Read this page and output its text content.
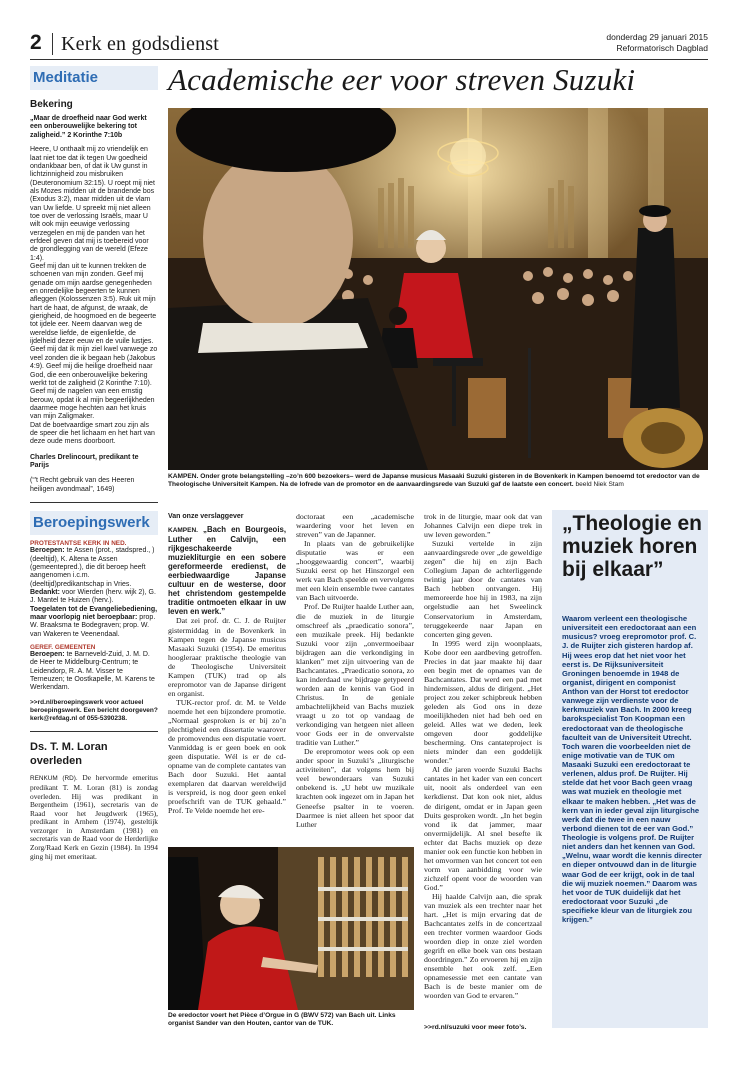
2 Kerk en godsdienst	donderdag 29 januari 2015
Reformatorisch Dagblad
Meditatie
Bekering
„Maar de droefheid naar God werkt een onberouwelijke bekering tot zaligheid.” 2 Korinthe 7:10b

Heere, U onthaalt mij zo vriendelijk en laat niet toe dat ik tegen Uw goedheid ondankbaar ben, of dat ik Uw gunst in lichtzinnigheid zou misbruiken (Deuteronomium 32:15). U roept mij niet als Mozes midden uit de brandende bos (Exodus 3:2), maar midden uit de vlam van Uw liefde. U spreekt mij niet alleen toe over de verlossing Israëls, maar U wilt ook mijn eeuwige verlossing verzegelen en mij de panden van het erfdeel geven dat mij is toebereid voor de grondlegging van de wereld (Efeze 1:4).

Geef mij dan uit te kunnen trekken de schoenen van mijn zonden. Geef mij genade om mijn aardse genegenheden en onredelijke begeerten te kunnen afleggen (Kolossenzen 3:5). Ruk uit mijn hart de haat, de afgunst, de wraak, de gierigheid, de hoogmoed en de begeerte tot ijdele eer. Neem daarvan weg de wereldse liefde, de eigenliefde, de ijdelheid dezer eeuw en de vuile lustjes.

Geef mij dat ik mijn ziel kwel vanwege zo veel zonden die ik begaan heb (Jakobus 4:9). Geef mij die heilige droefheid naar God, die een onberouwelijke bekering werkt tot de zaligheid (2 Korinthe 7:10). Geef mij de nagelen van een ernstig berouw, opdat ik al mijn begeerlijkheden daarmee moge hechten aan het kruis van mijn Zaligmaker.

Dat de boetvaardige smart zou zijn als de speer die het lichaam en het hart van deze oude mens doorboort.

Charles Drelincourt, predikant te Parijs
(“'t Recht gebruik van des Heeren heiligen avondmaal”, 1649)
Beroepingswerk
PROTESTANTSE KERK IN NED.
Beroepen: te Assen (prot., stadspred., ) (deeltijd), K. Altena te Assen (gemeentepred.), die dit beroep heeft aangenomen i.c.m. (deeltijd)predikantschap in Vries.
Bedankt: voor Wierden (herv. wijk 2), G. J. Mantel te Huizen (herv.).
Toegelaten tot de Evangeliebediening, maar voorlopig niet beroepbaar: prop. W. Braaksma te Bodegraven; prop. W. van Wakeren te Veenendaal.
GEREF. GEMEENTEN
Beroepen: te Barneveld-Zuid, J. M. D. de Heer te Middelburg-Centrum; te Leidendorp, R. A. M. Visser te Terneuzen; te Oostkapelle, M. Karens te Werkendam.
>>rd.nl/beroepingswerk voor actueel beroepingswerk. Een bericht doorgeven? kerk@refdag.nl of 055-5390238.
Ds. T. M. Loran overleden
RENKUM (RD). De hervormde emeritus predikant T. M. Loran (81) is zondag overleden. Hij was predikant in Bergentheim (1961), secretaris van de Raad voor het Jeugdwerk (1965), predikant in Arnhem (1974), gesteltijk verzorger in Amsterdam (1981) en secretaris van de Raad voor de Herderlijke Zorg/Raad Kerk en Gezin (1984). In 1994 ging hij met emeritaat.
Academische eer voor streven Suzuki
KAMPEN. Onder grote belangstelling –zo’n 600 bezoekers– werd de Japanse musicus Masaaki Suzuki gisteren in de Bovenkerk in Kampen benoemd tot eredoctor van de Theologische Universiteit Kampen. Na de lofrede van de promotor en de aanvaardingsrede van Suzuki gaf de laatste een concert. beeld Niek Stam
Van onze verslaggever

KAMPEN. „Bach en Bourgeois, Luther en Calvijn, een rijkgeschakeerde muziekliturgie en een sobere gereformeerde eredienst, de eerbiedwaardige Japanse cultuur en de westerse, door het christendom gestempelde traditie ontmoeten elkaar in uw leven en werk.”

Dat zei prof. dr. C. J. de Ruijter gistermiddag in de Bovenkerk in Kampen tegen de Japanse musicus Masaaki Suzuki (1954). De emeritus hoogleraar praktische theologie van de Theologische Universiteit Kampen (TUK) trad op als erepromotor van de Japanse dirigent en organist.

TUK-rector prof. dr. M. te Velde noemde het een bijzondere promotie. „Normaal gesproken is er bij zo’n plechtigheid een dissertatie waarover de promovendus een disputatie voert. Vanmiddag is er geen boek en ook geen disputatie. Wél is er de cd-opname van de complete cantates van Bach door Suzuki. Het aantal exemplaren dat daarvan wereldwijd is verspreid, is nog door geen enkel proefschrift van de TUK gehaald.” Prof. Te Velde noemde het ere-

doctoraat een „academische waardering voor het leven en streven” van de Japanner.

In plaats van de gebruikelijke disputatie was er een „hooggewaardig concert”, waarbij Suzuki eerst op het Hinszorgel een werk van Bach speelde en vervolgens met een klein ensemble twee cantates van Bach uitvoerde.

Prof. De Ruijter haalde Luther aan, die de muziek in de liturgie omschreef als „praedicatio sonora”, een muzikale preek. Hij bedankte Suzuki voor zijn „onvermoeibaar bijdragen aan die verkondiging in klanken” met zijn uitvoering van de Bachcantates. „Praedicatio sonora, zo kan inderdaad uw bijdrage getypeerd worden aan de kennis van God in Christus. In de geniale ambachtelijkheid van Bachs muziek vraagt u zo tot op vandaag de verkondiging van hetgeen niet alleen voor Gods eer in de onvervalste traditie van Luther.”

De erepromotor wees ook op een ander spoor in Suzuki’s „liturgische activiteiten”, dat volgens hem bij veel bewonderaars van Suzuki onbekend is. „U hebt uw muzikale krachten ook ingezet om in Japan het Geneefse psalter in te voeren. Daarmee is niet alleen het spoor dat Luther

De eredoctor voert het Pièce d’Orgue in G (BWV 572) van Bach uit. Links organist Sander van den Houten, cantor van de TUK.

trok in de liturgie, maar ook dat van Johannes Calvijn een diepe trek in uw leven geworden.”

Suzuki vertelde in zijn aanvaardingsrede over „de geweldige zegen” die hij en zijn Bach Collegium Japan de achterliggende twintig jaar door de cantates van Bach hebben ontvangen. Hij memoreerde hoe hij in 1983, na zijn orgelstudie aan het Sweelinck Conservatorium in Amsterdam, teruggekeerde naar Japan en concerten ging geven.

In 1995 werd zijn woonplaats, Kobe door een aardbeving getroffen. Precies in dat jaar maakte hij daar een begin met de opnames van de Bachcantates. Dat werd een pad met hindernissen, aldus de dirigent. „Het project zou zeker schipbreuk hebben geleden als God ons in deze moeilijkheden niet had beh oed en geleid. Alles wat we deden, leek omgeven door goddelijke bescherming. Ons cantateproject is niets minder dan een goddelijk wonder.”

Al die jaren voerde Suzuki Bachs cantates in het kader van een concert uit, nooit als onderdeel van een kerkdienst. Dat kon ook niet, aldus de dirigent, omdat er in Japan geen Duits gesproken wordt. „In het begin vond ik dat jammer, maar onvermijdelijk. Al snel besefte ik echter dat Bachs muziek op deze manier ook een functie kon hebben in het omvormen van het concert tot een vorm van aanbidding voor wie zichzelf opent voor de woorden van God.”

Hij haalde Calvijn aan, die sprak van muziek als een trechter naar het hart. „Het is mijn ervaring dat de Bachcantates zelfs in de concertzaal een trechter vormen waardoor Gods woorden diep in onze ziel worden gegrift en elke boek van ons bestaan doordringen.” Zo ervoeren hij en zijn ensemble het ook zelf. „Een opnamesessie met een cantate van Bach is de beste manier om de woorden van God te ervaren.”

>>rd.nl/suzuki voor meer foto’s.
„Theologie en muziek horen bij elkaar”
Waarom verleent een theologische universiteit een eredoctoraat aan een musicus? vroeg erepromotor prof. C. J. de Ruijter zich gisteren hardop af. Hij wees erop dat het niet voor het eerst is. De Rijksuniversiteit Groningen benoemde in 1948 de organist, dirigent en componist Anthon van der Horst tot eredoctor vanwege zijn verdienste voor de kerkmuziek van Bach. In 2000 kreeg barokspecialist Ton Koopman een eredoctoraat van de theologische faculteit van de Universiteit Utrecht. Toch waren die voorbeelden niet de enige motivatie van de TUK om Masaaki Suzuki een eredoctoraat te verlenen, aldus prof. De Ruijter. Hij stelde dat het voor Bach geen vraag was wat muziek en theologie met elkaar te maken hebben. „Het was de kern van in ieder geval zijn liturgische werk dat die twee in een nauw verbond dienen tot de eer van God.” Theologie is volgens prof. De Ruijter niet anders dan het kennen van God. „Welnu, waar wordt die kennis directer en dieper ontvouwd dan in de liturgie waar God de eer krijgt, ook in de taal die wij muziek noemen.” Daarom was het voor de TUK duidelijk dat het eredoctoraat voor Suzuki „de specifieke kleur van de liturgiek zou krijgen.”
